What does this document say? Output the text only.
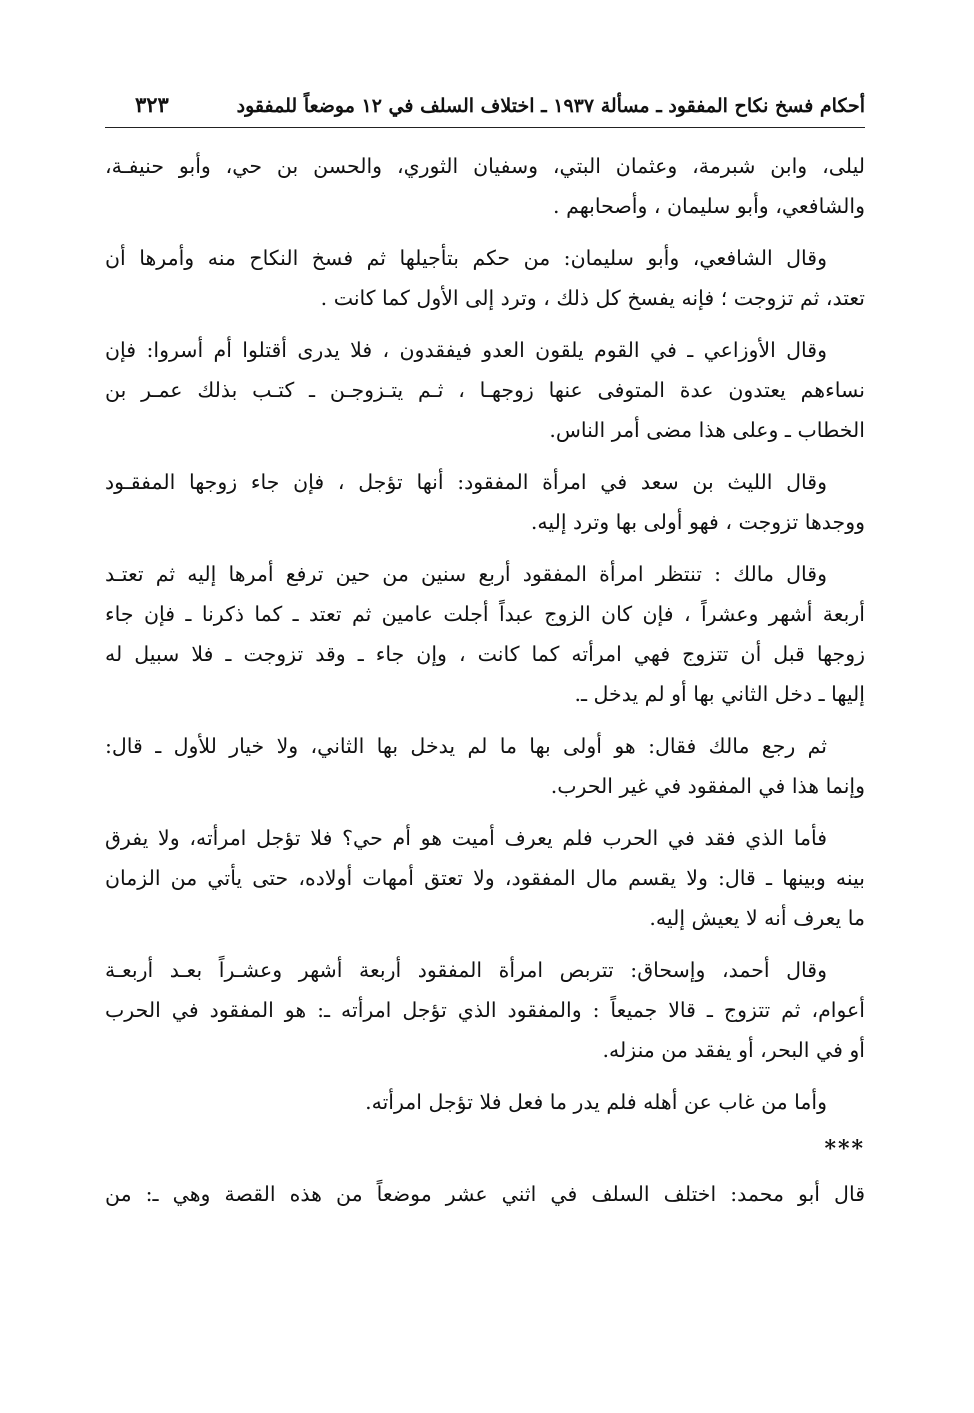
أحكام فسخ نكاح المفقود ـ مسألة ١٩٣٧ ـ اختلاف السلف في ١٢ موضعاً للمفقود
٣٢٣
ليلى، وابن شبرمة، وعثمان البتي، وسفيان الثوري، والحسن بن حي، وأبو حنيفـة،
والشافعي، وأبو سليمان ، وأصحابهم .
وقال الشافعي، وأبو سليمان: من حكم بتأجيلها ثم فسخ النكاح منه وأمرها أن
تعتد، ثم تزوجت ؛ فإنه يفسخ كل ذلك ، وترد إلى الأول كما كانت .
وقال الأوزاعي ـ في القوم يلقون العدو فيفقدون ، فلا يدرى أقتلوا أم أسروا: فإن
نساءهم يعتدون عدة المتوفى عنها زوجهـا ، ثـم يتـزوجـن ـ كتـب بذلك عمـر بن
الخطاب ـ وعلى هذا مضى أمر الناس.
وقال الليث بن سعد في امرأة المفقود: أنها تؤجل ، فإن جاء زوجها المفقـود
ووجدها تزوجت ، فهو أولى بها وترد إليه.
وقال مالك : تنتظر امرأة المفقود أربع سنين من حين ترفع أمرها إليه ثم تعتـد
أربعة أشهر وعشراً ، فإن كان الزوج عبداً أجلت عامين ثم تعتد ـ كما ذكرنا ـ فإن جاء
زوجها قبل أن تتزوج فهي امرأته كما كانت ، وإن جاء ـ وقد تزوجت ـ فلا سبيل له
إليها ـ دخل الثاني بها أو لم يدخل ـ.
ثم رجع مالك فقال: هو أولى بها ما لم يدخل بها الثاني، ولا خيار للأول ـ قال:
وإنما هذا في المفقود في غير الحرب.
فأما الذي فقد في الحرب فلم يعرف أميت هو أم حي؟ فلا تؤجل امرأته، ولا يفرق
بينه وبينها ـ قال: ولا يقسم مال المفقود، ولا تعتق أمهات أولاده، حتى يأتي من الزمان
ما يعرف أنه لا يعيش إليه.
وقال أحمد، وإسحاق: تتربص امرأة المفقود أربعة أشهر وعشـراً بعـد أربعـة
أعوام، ثم تتزوج ـ قالا جميعاً : والمفقود الذي تؤجل امرأته ـ: هو المفقود في الحرب
أو في البحر، أو يفقد من منزله.
وأما من غاب عن أهله فلم يدر ما فعل فلا تؤجل امرأته.
***
قال أبو محمد: اختلف السلف في اثني عشر موضعاً من هذه القصة وهي ـ: من
